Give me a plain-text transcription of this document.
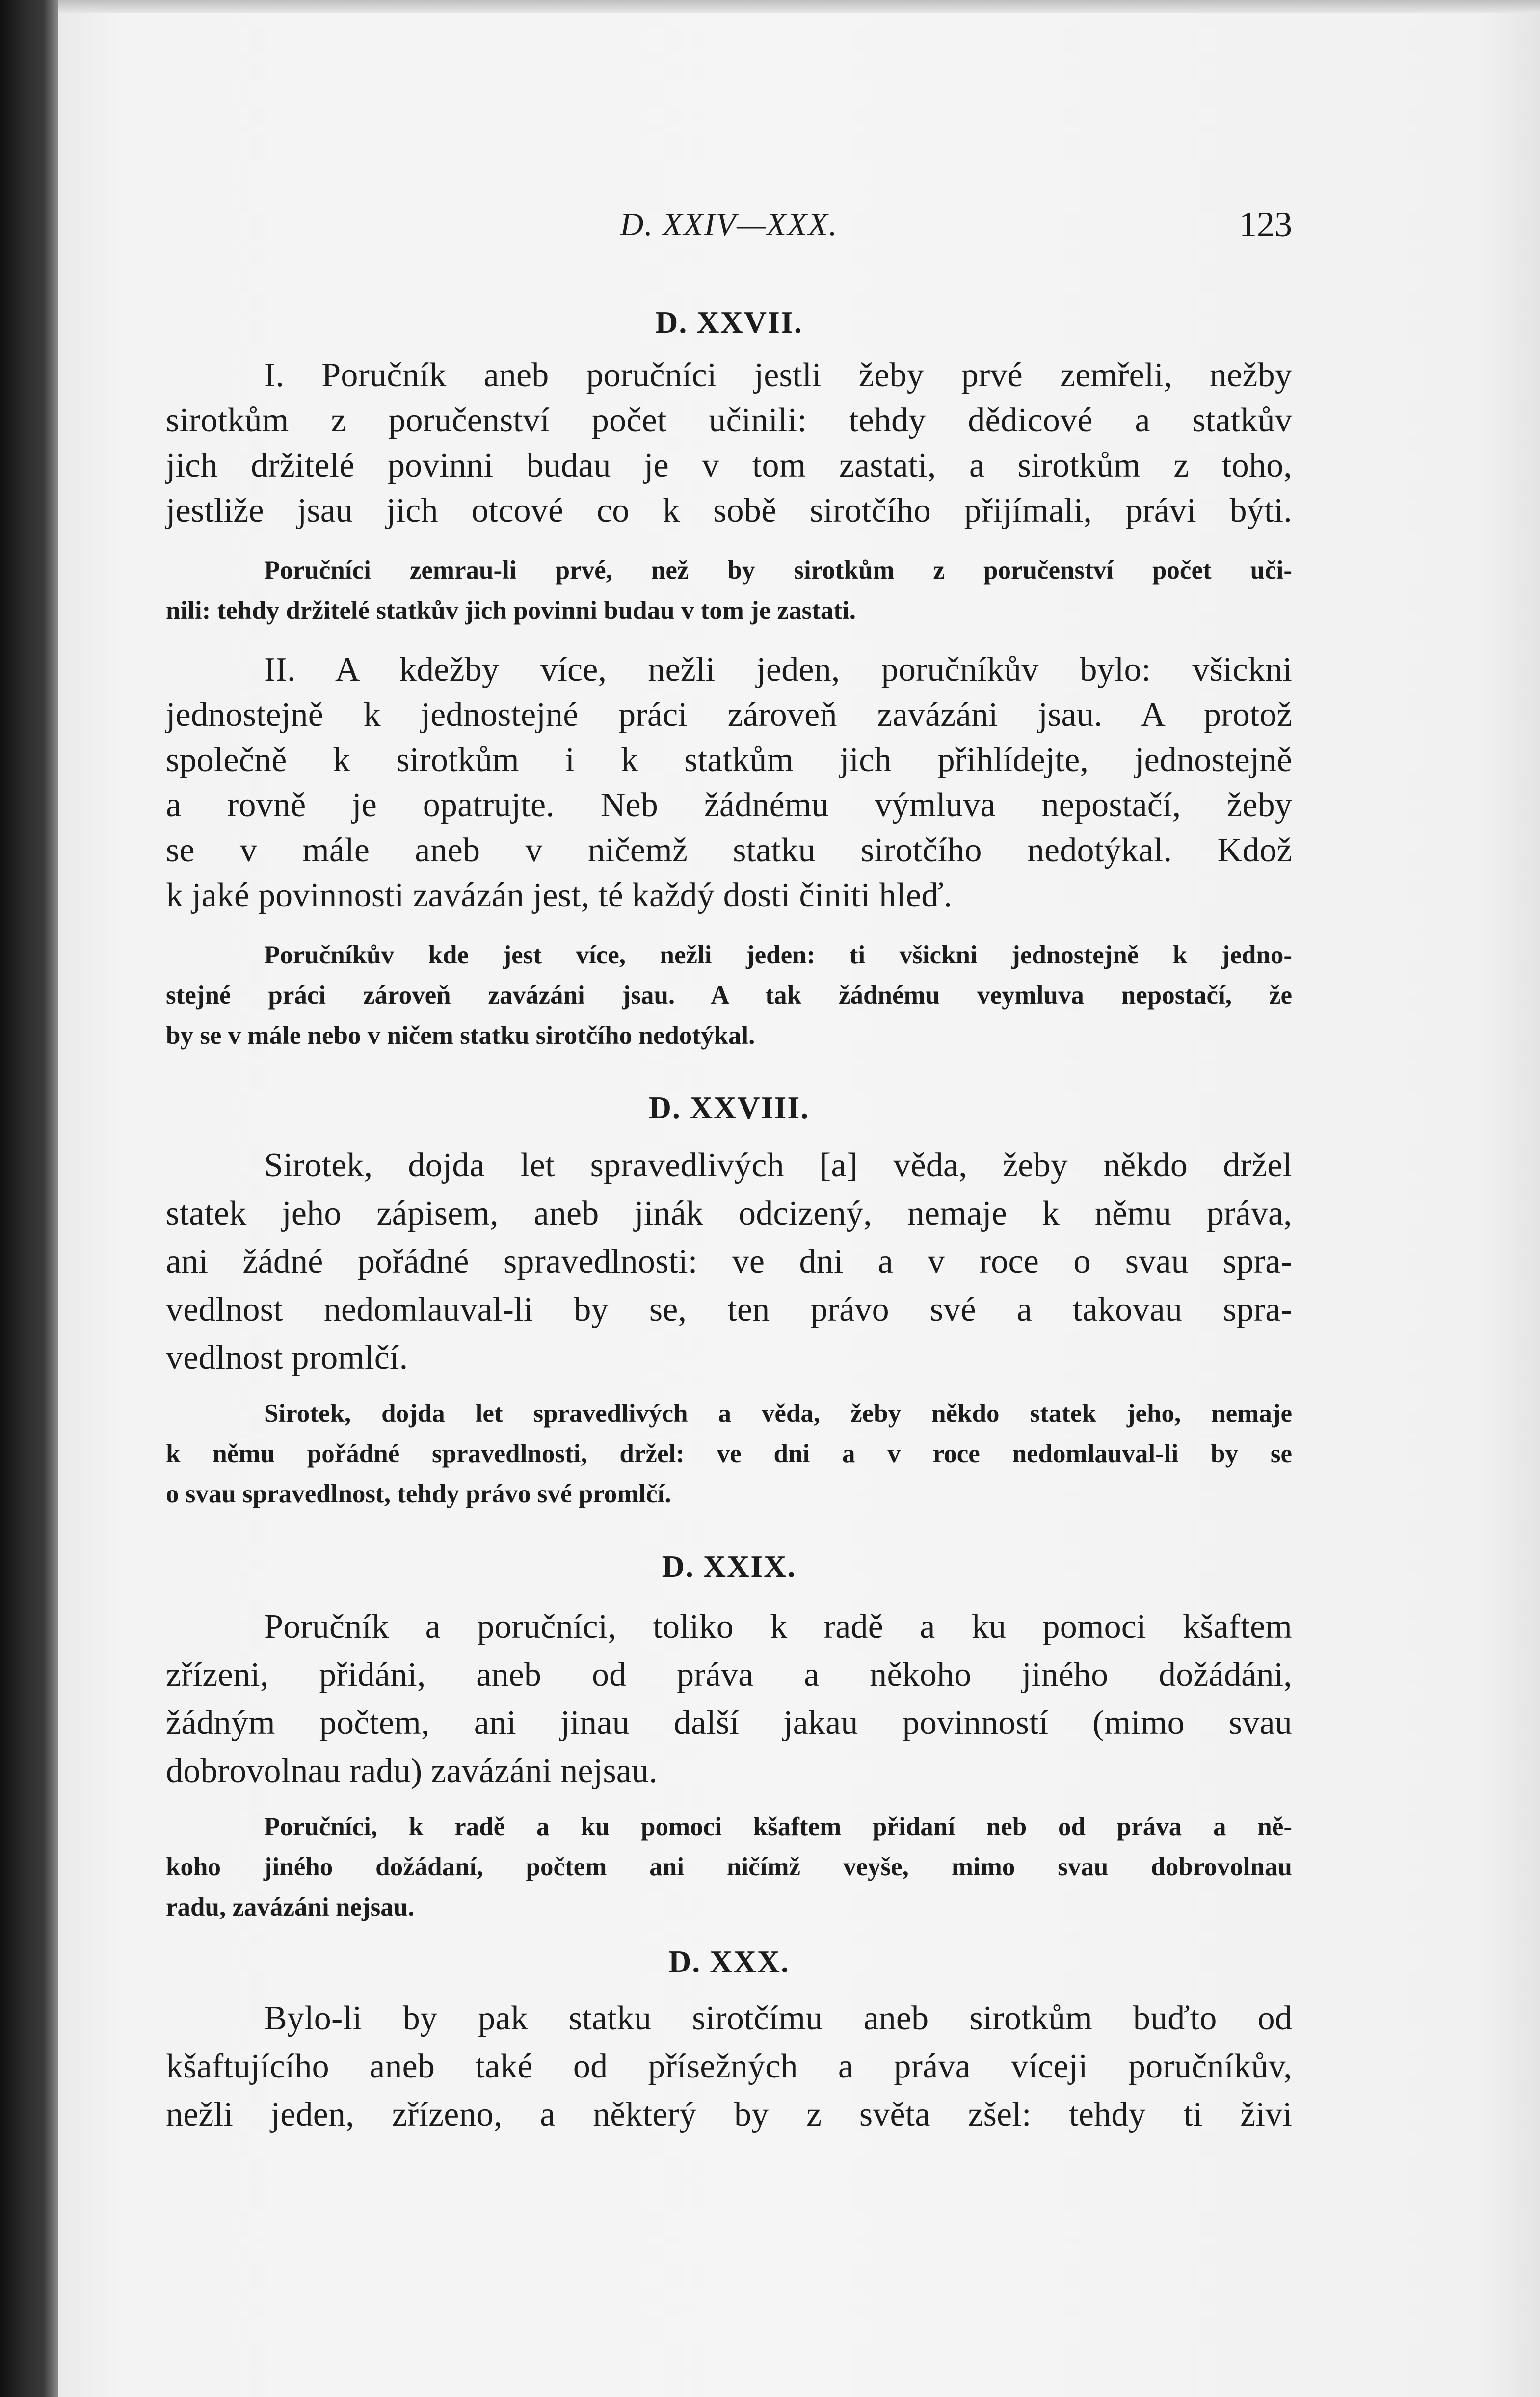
D. XXIV—XXX.	123
D. XXVII.
I. Poručník aneb poručníci jestli žeby prvé zemřeli, nežby
sirotkům z poručenství počet učinili: tehdy dědicové a statkův
jich držitelé povinni budau je v tom zastati, a sirotkům z toho,
jestliže jsau jich otcové co k sobě sirotčího přijímali, právi býti.
Poručníci zemrau-li prvé, než by sirotkům z poručenství počet uči-
nili: tehdy držitelé statkův jich povinni budau v tom je zastati.
II. A kdežby více, nežli jeden, poručníkův bylo: všickni
jednostejně k jednostejné práci zároveň zavázáni jsau. A protož
společně k sirotkům i k statkům jich přihlídejte, jednostejně
a rovně je opatrujte. Neb žádnému výmluva nepostačí, žeby
se v mále aneb v ničemž statku sirotčího nedotýkal. Kdož
k jaké povinnosti zavázán jest, té každý dosti činiti hleď.
Poručníkův kde jest více, nežli jeden: ti všickni jednostejně k jedno-
stejné práci zároveň zavázáni jsau. A tak žádnému veymluva nepostačí, že
by se v mále nebo v ničem statku sirotčího nedotýkal.
D. XXVIII.
Sirotek, dojda let spravedlivých [a] věda, žeby někdo držel
statek jeho zápisem, aneb jinák odcizený, nemaje k němu práva,
ani žádné pořádné spravedlnosti: ve dni a v roce o svau spra-
vedlnost nedomlauval-li by se, ten právo své a takovau spra-
vedlnost promlčí.
Sirotek, dojda let spravedlivých a věda, žeby někdo statek jeho, nemaje
k němu pořádné spravedlnosti, držel: ve dni a v roce nedomlauval-li by se
o svau spravedlnost, tehdy právo své promlčí.
D. XXIX.
Poručník a poručníci, toliko k radě a ku pomoci kšaftem
zřízeni, přidáni, aneb od práva a někoho jiného dožádáni,
žádným počtem, ani jinau další jakau povinností (mimo svau
dobrovolnau radu) zavázáni nejsau.
Poručníci, k radě a ku pomoci kšaftem přidaní neb od práva a ně-
koho jiného dožádaní, počtem ani ničímž veyše, mimo svau dobrovolnau
radu, zavázáni nejsau.
D. XXX.
Bylo-li by pak statku sirotčímu aneb sirotkům buďto od
kšaftujícího aneb také od přísežných a práva víceji poručníkův,
nežli jeden, zřízeno, a některý by z světa zšel: tehdy ti živi
